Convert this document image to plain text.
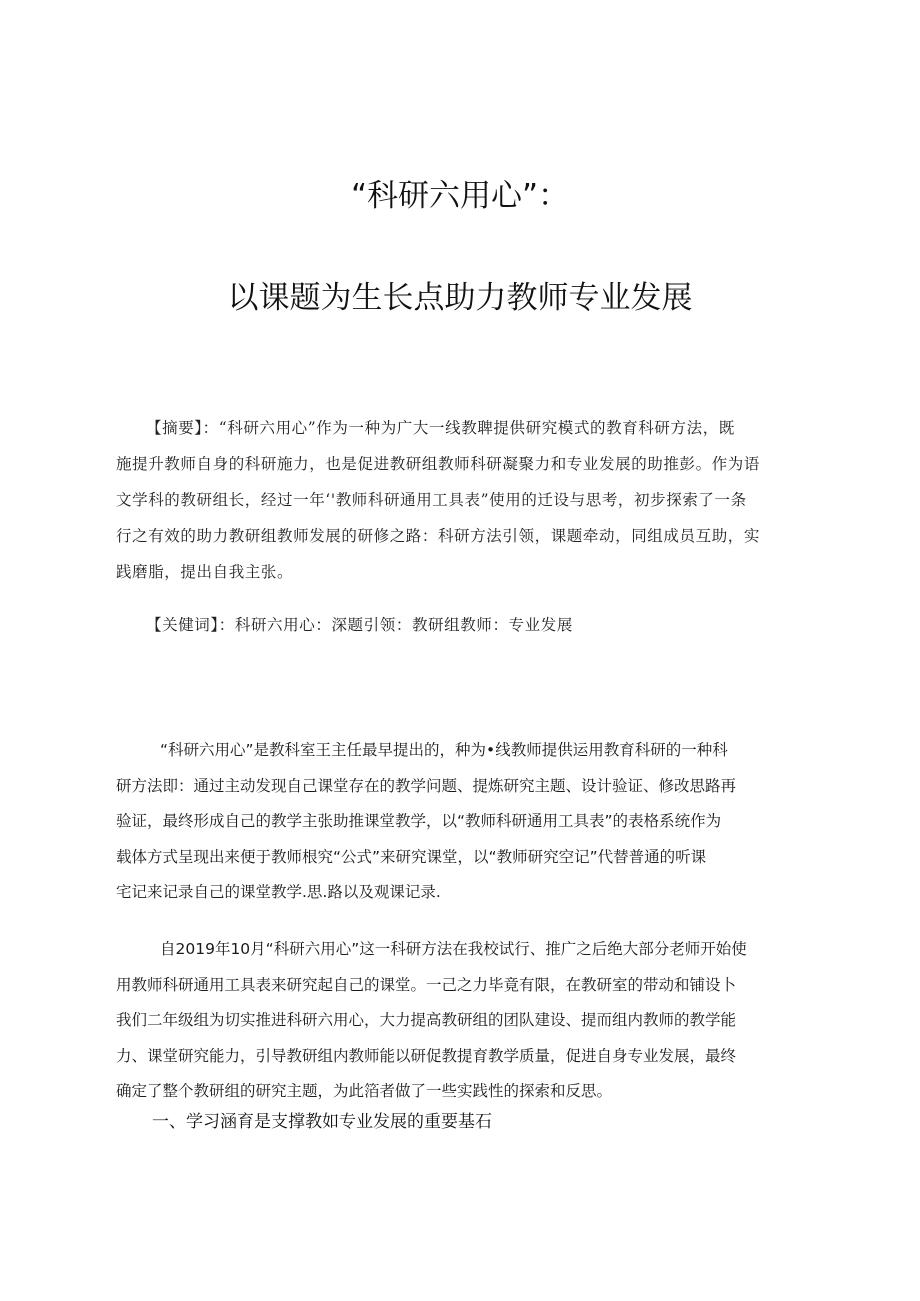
“科研六用心”：
以课题为生长点助力教师专业发展

【摘要】：“科研六用心”作为一种为广大一线教聛提供研究模式的教育科研方法，既
施提升教师自身的科研施力，也是促进教研组教师科研凝聚力和专业发展的助推彭。作为语
文学科的教研组长，经过一年‘'教师科研通用工具表”使用的迁设与思考，初步探索了一条
行之有效的助力教研组教师发展的研修之路：科研方法引领，课题牵动，同组成员互助，实
践磨脂，提出自我主张。

【关健词】：科研六用心：深题引领：教研组教师：专业发展

“科研六用心”是教科室王主任最早提出的，种为•线教师提供运用教育科研的一种科
研方法即：通过主动发现自己课堂存在的教学问题、提炼研究主题、设计验证、修改思路再
验证，最终形成自己的教学主张助推课堂教学，以“教师科研通用工具表”的表格系统作为
载体方式呈现出来便于教师根究“公式”来研究课堂，以“教师研究空记”代替普通的听课
宅记来记录自己的课堂教学.思.路以及观课记录.

自2019年10月“科研六用心”这一科研方法在我校试行、推广之后绝大部分老师开始使
用教师科研通用工具表来研究起自己的课堂。一己之力毕竟有限，在教研室的带动和铺设卜
我们二年级组为切实推进科研六用心，大力提高教研组的团队建设、提而组内教师的教学能
力、课堂研究能力，引导教研组内教师能以研促教提育教学质量，促进自身专业发展，最终
确定了整个教研组的研究主题，为此箔者做了一些实践性的探索和反思。

一、学习涵育是支撑教如专业发展的重要基石
